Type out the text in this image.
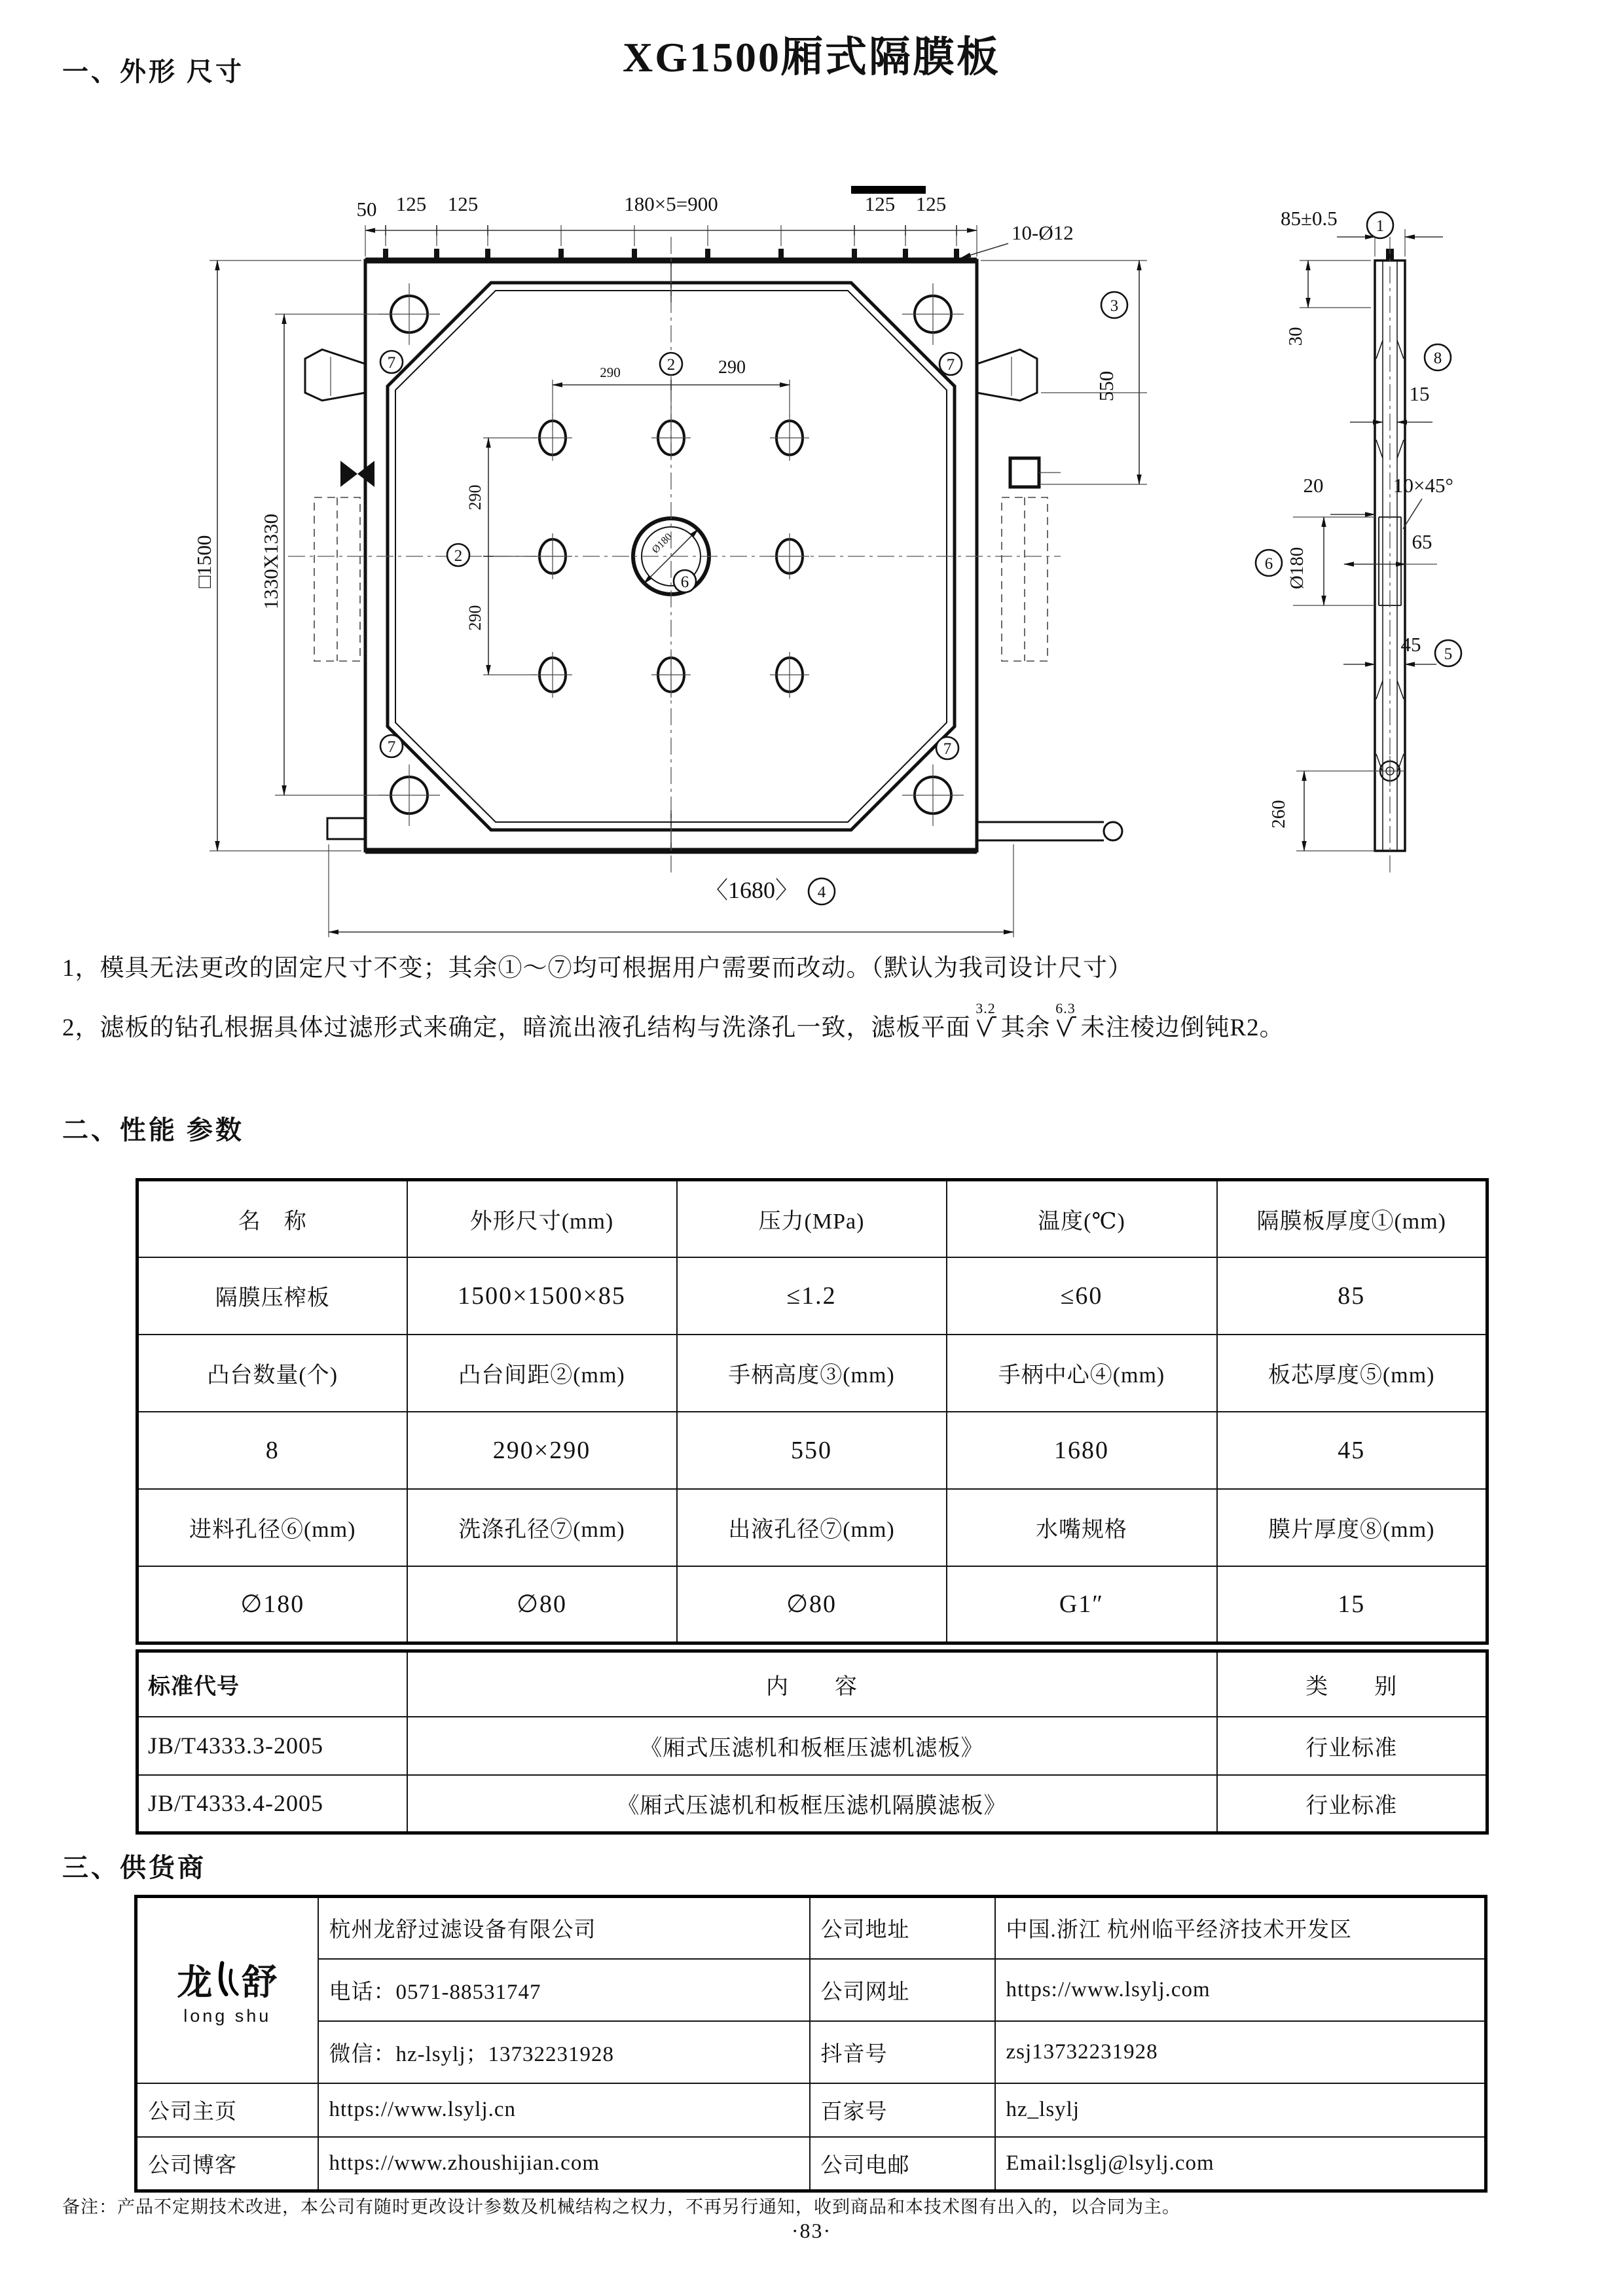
XG1500厢式隔膜板
一、外形 尺寸
Ø180
50 125 125	180×5=900	125 125
10-Ø12
290	290
290
290
□1500 1330X1330
550
〈1680〉
7	7
7	7
2
2
6
3
4
85±0.5
30
15
20	10×45°
Ø180
65
45
260
1
8
6
5
1，模具无法更改的固定尺寸不变；其余①～⑦均可根据用户需要而改动。（默认为我司设计尺寸）
2，滤板的钻孔根据具体过滤形式来确定，暗流出液孔结构与洗涤孔一致，滤板平面
3.2
其余
6.3
未注棱边倒钝R2。
二、性能 参数
名　称	外形尺寸(mm)	压力(MPa)	温度(℃)	隔膜板厚度①(mm)
隔膜压榨板	1500×1500×85	≤1.2	≤60	85
凸台数量(个)	凸台间距②(mm)	手柄高度③(mm)	手柄中心④(mm)	板芯厚度⑤(mm)
8	290×290	550	1680	45
进料孔径⑥(mm)	洗涤孔径⑦(mm)	出液孔径⑦(mm)	水嘴规格	膜片厚度⑧(mm)
∅180	∅80	∅80	G1″	15
标准代号	内　　容	类　　别
JB/T4333.3-2005	《厢式压滤机和板框压滤机滤板》	行业标准
JB/T4333.4-2005	《厢式压滤机和板框压滤机隔膜滤板》	行业标准
三、供货商
龙 舒
long shu	杭州龙舒过滤设备有限公司	公司地址	中国.浙江 杭州临平经济技术开发区
	电话：0571-88531747	公司网址	https://www.lsylj.com
	微信：hz-lsylj；13732231928	抖音号	zsj13732231928
公司主页	https://www.lsylj.cn	百家号	hz_lsylj
公司博客	https://www.zhoushijian.com	公司电邮	Email:lsglj@lsylj.com
备注：产品不定期技术改进，本公司有随时更改设计参数及机械结构之权力，不再另行通知，收到商品和本技术图有出入的，以合同为主。
·83·
